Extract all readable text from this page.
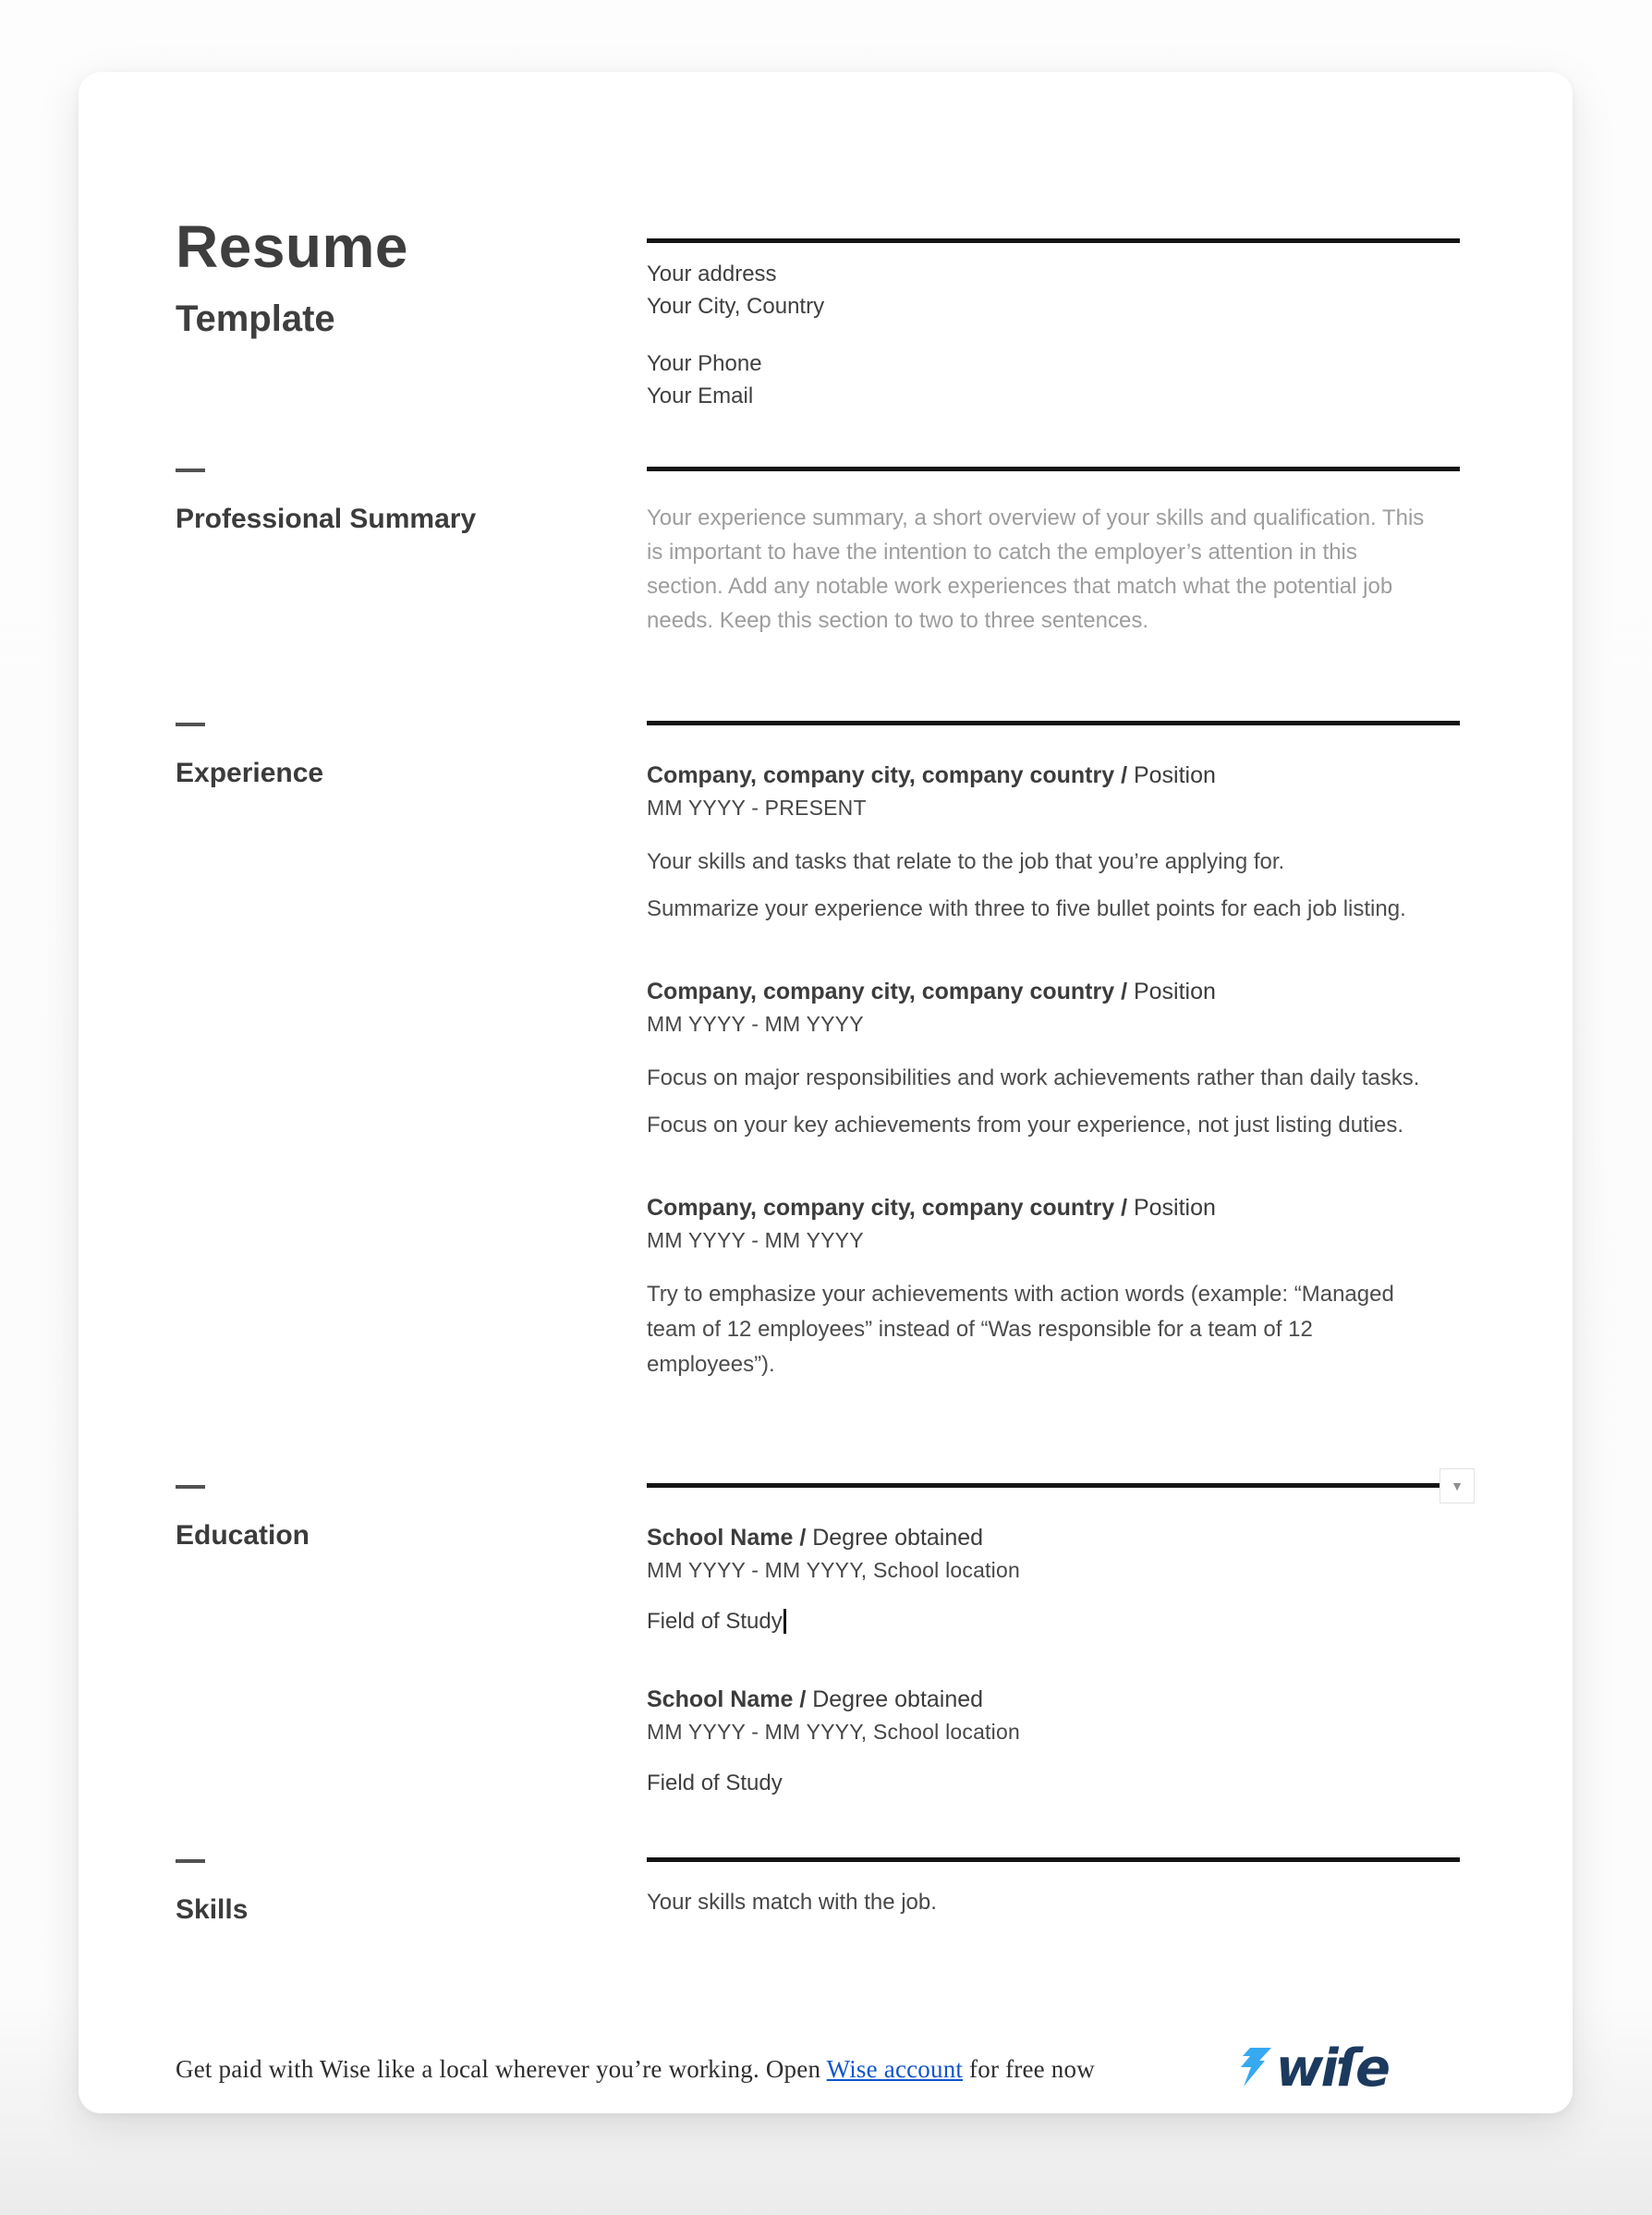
Resume
Template
Your address
Your City, Country
Your Phone
Your Email
Professional Summary	Your experience summary, a short overview of your skills and qualification. This is important to have the intention to catch the employer’s attention in this section. Add any notable work experiences that match what the potential job needs. Keep this section to two to three sentences.
Experience	Company, company city, company country / Position
MM YYYY - PRESENT

Your skills and tasks that relate to the job that you’re applying for.

Summarize your experience with three to five bullet points for each job listing.

Company, company city, company country / Position
MM YYYY - MM YYYY

Focus on major responsibilities and work achievements rather than daily tasks.

Focus on your key achievements from your experience, not just listing duties.

Company, company city, company country / Position
MM YYYY - MM YYYY

Try to emphasize your achievements with action words (example: “Managed team of 12 employees” instead of “Was responsible for a team of 12 employees”).

Education
▼
School Name / Degree obtained
MM YYYY - MM YYYY, School location
Field of Study
School Name / Degree obtained
MM YYYY - MM YYYY, School location
Field of Study
Skills	Your skills match with the job.
Get paid with Wise like a local wherever you’re working. Open Wise account for free now	wiſe
